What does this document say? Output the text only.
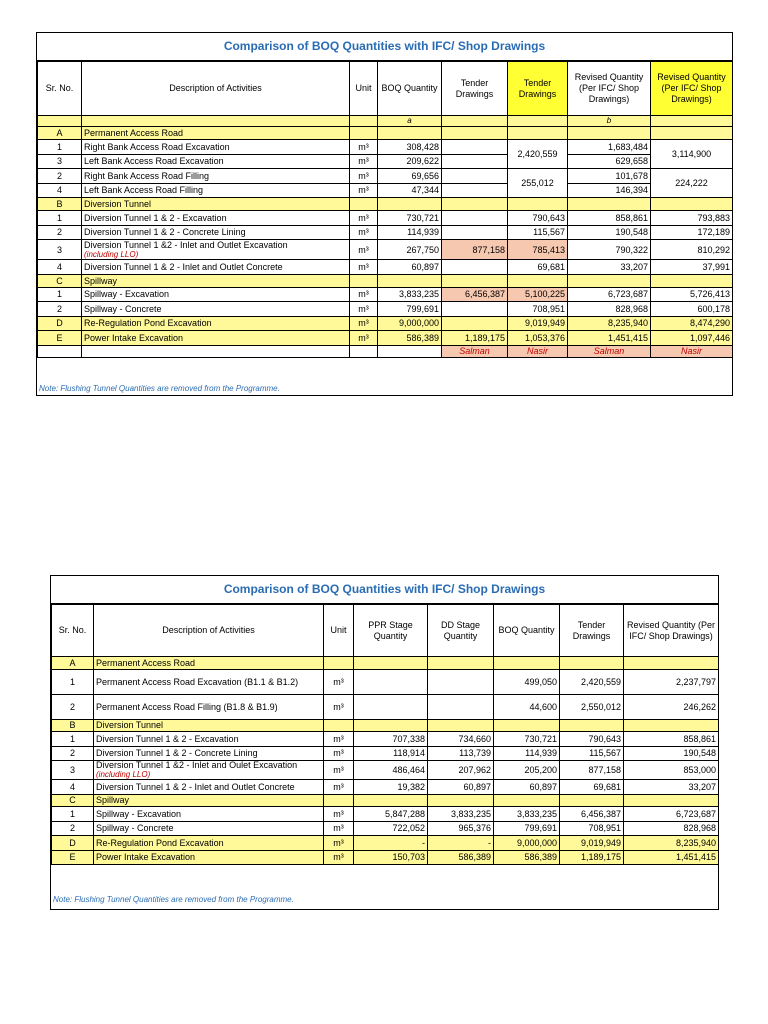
Comparison of BOQ Quantities with IFC/ Shop Drawings
Sr. No.	Description of Activities	Unit	BOQ Quantity	Tender Drawings	Tender Drawings	Revised Quantity (Per IFC/ Shop Drawings)	Revised Quantity (Per IFC/ Shop Drawings)
			a			b	
A	Permanent Access Road						
1	Right Bank Access Road Excavation	m³	308,428		2,420,559	1,683,484	3,114,900
3	Left Bank Access Road Excavation	m³	209,622			629,658	
2	Right Bank Access Road Filling	m³	69,656		255,012	101,678	224,222
4	Left Bank Access Road Filling	m³	47,344			146,394	
B	Diversion Tunnel						
1	Diversion Tunnel 1 & 2 - Excavation	m³	730,721		790,643	858,861	793,883
2	Diversion Tunnel 1 & 2 - Concrete Lining	m³	114,939		115,567	190,548	172,189
3	Diversion Tunnel 1 &2 - Inlet and Outlet Excavation
(including LLO)	m³	267,750	877,158	785,413	790,322	810,292
4	Diversion Tunnel 1 & 2 - Inlet and Outlet Concrete	m³	60,897		69,681	33,207	37,991
C	Spillway						
1	Spillway - Excavation	m³	3,833,235	6,456,387	5,100,225	6,723,687	5,726,413
2	Spillway - Concrete	m³	799,691		708,951	828,968	600,178
D	Re-Regulation Pond Excavation	m³	9,000,000		9,019,949	8,235,940	8,474,290
E	Power Intake Excavation	m³	586,389	1,189,175	1,053,376	1,451,415	1,097,446
				Salman	Nasir	Salman	Nasir
Note: Flushing Tunnel Quantities are removed from the Programme.
Comparison of BOQ Quantities with IFC/ Shop Drawings
Sr. No.	Description of Activities	Unit	PPR Stage Quantity	DD Stage Quantity	BOQ Quantity	Tender Drawings	Revised Quantity (Per IFC/ Shop Drawings)
A	Permanent Access Road						
1	Permanent Access Road Excavation (B1.1 & B1.2)	m³			499,050	2,420,559	2,237,797
2	Permanent Access Road Filling (B1.8 & B1.9)	m³			44,600	2,550,012	246,262
B	Diversion Tunnel						
1	Diversion Tunnel 1 & 2 - Excavation	m³	707,338	734,660	730,721	790,643	858,861
2	Diversion Tunnel 1 & 2 - Concrete Lining	m³	118,914	113,739	114,939	115,567	190,548
3	Diversion Tunnel 1 &2 - Inlet and Oulet Excavation
(including LLO)	m³	486,464	207,962	205,200	877,158	853,000
4	Diversion Tunnel 1 & 2 - Inlet and Outlet Concrete	m³	19,382	60,897	60,897	69,681	33,207
C	Spillway						
1	Spillway - Excavation	m³	5,847,288	3,833,235	3,833,235	6,456,387	6,723,687
2	Spillway - Concrete	m³	722,052	965,376	799,691	708,951	828,968
D	Re-Regulation Pond Excavation	m³	-	-	9,000,000	9,019,949	8,235,940
E	Power Intake Excavation	m³	150,703	586,389	586,389	1,189,175	1,451,415
Note: Flushing Tunnel Quantities are removed from the Programme.
